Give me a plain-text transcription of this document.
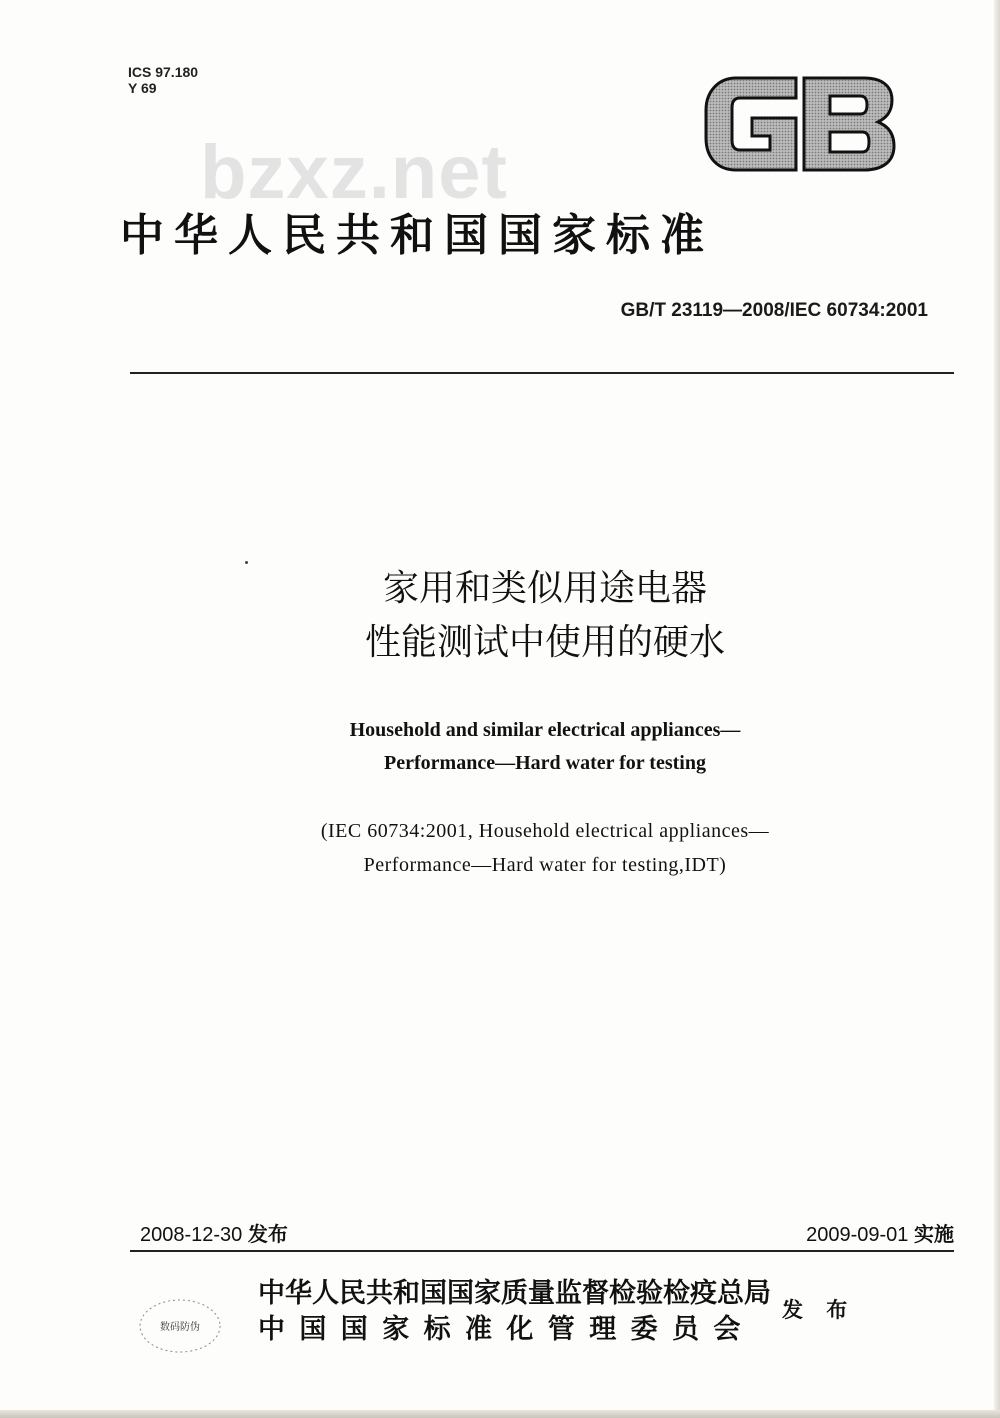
ICS 97.180
Y 69
bzxz.net
中华人民共和国国家标准
GB/T 23119—2008/IEC 60734:2001
家用和类似用途电器
性能测试中使用的硬水
Household and similar electrical appliances—
Performance—Hard water for testing
(IEC 60734:2001, Household electrical appliances—
Performance—Hard water for testing,IDT)
2008-12-30 发布	2009-09-01 实施
数码防伪
中华人民共和国国家质量监督检验检疫总局
中国国家标准化管理委员会
发 布
